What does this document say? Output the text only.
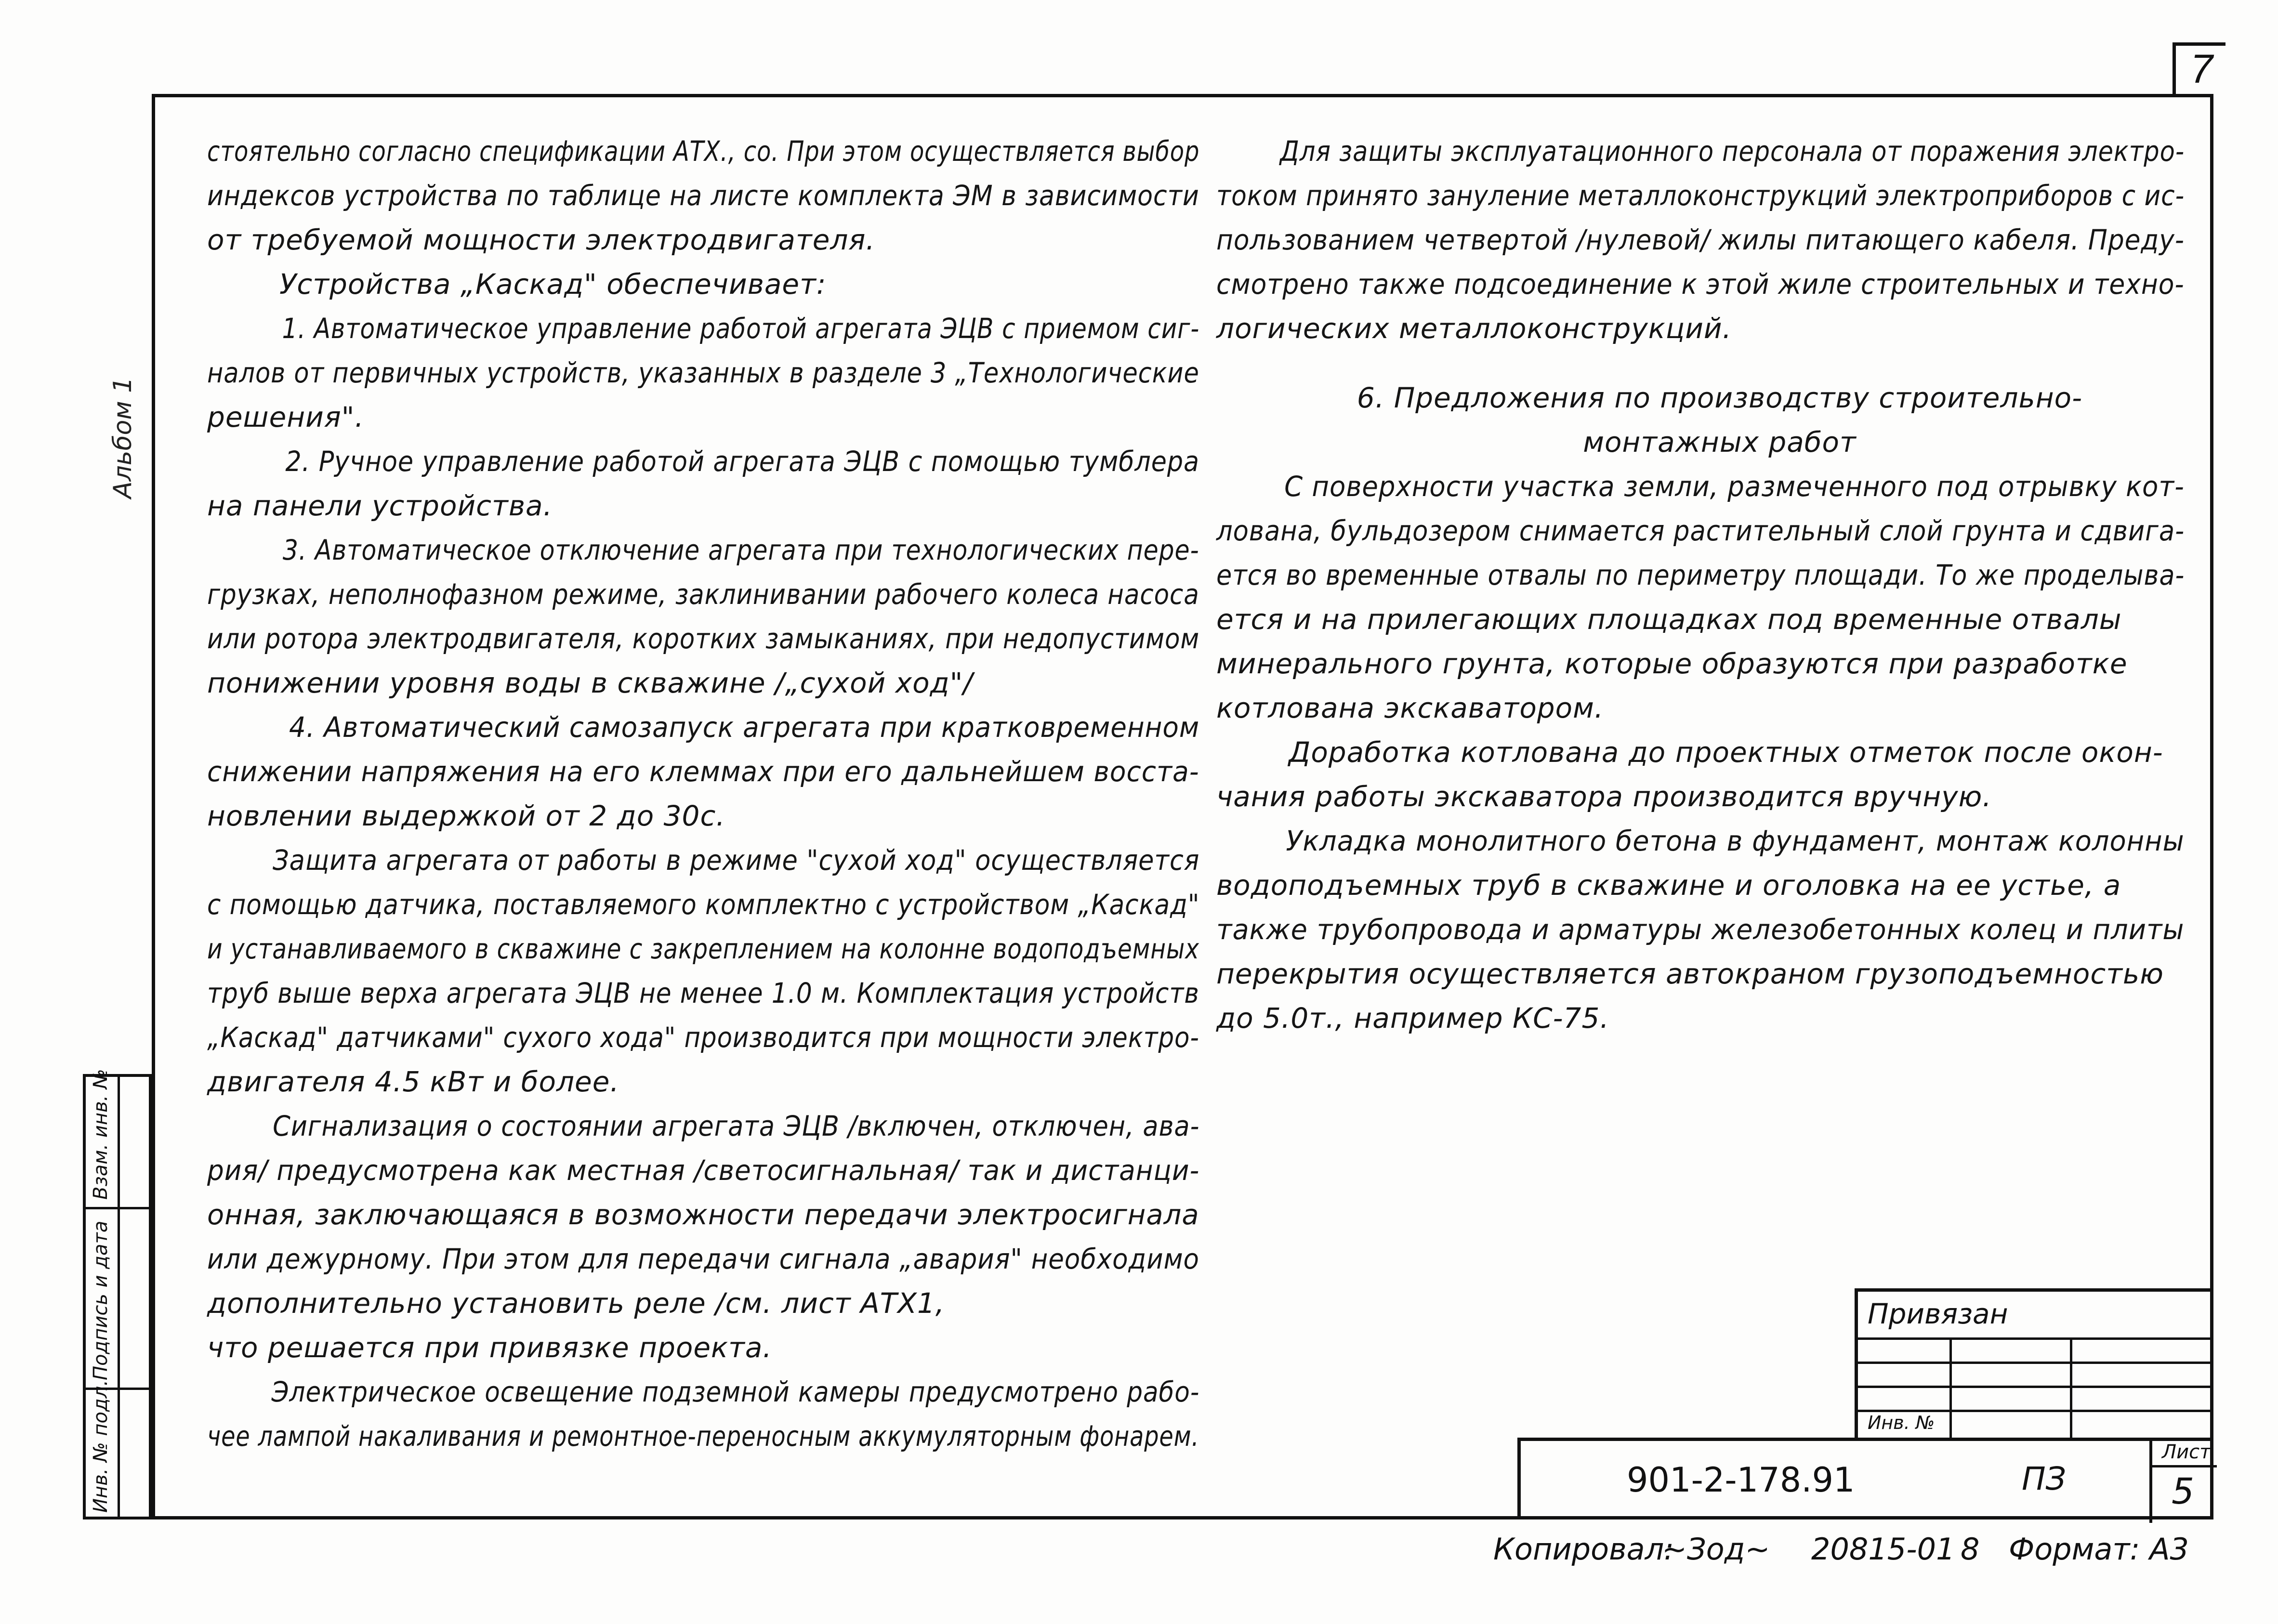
7
Альбом 1

стоятельно согласно спецификации АТХ., со. При этом осуществляется выбор

индексов устройства по таблице на листе комплекта ЭМ в зависимости

от требуемой мощности электродвигателя.

Устройства „Каскад" обеспечивает:

1. Автоматическое управление работой агрегата ЭЦВ с приемом сиг-

налов от первичных устройств, указанных в разделе 3 „Технологические

решения".

2. Ручное управление работой агрегата ЭЦВ с помощью тумблера

на панели устройства.

3. Автоматическое отключение агрегата при технологических пере-

грузках, неполнофазном режиме, заклинивании рабочего колеса насоса

или ротора электродвигателя, коротких замыканиях, при недопустимом

понижении уровня воды в скважине /„сухой ход"/

4. Автоматический самозапуск агрегата при кратковременном

снижении напряжения на его клеммах при его дальнейшем восста-

новлении выдержкой от 2 до 30с.

Защита агрегата от работы в режиме "сухой ход" осуществляется

с помощью датчика, поставляемого комплектно с устройством „Каскад"

и устанавливаемого в скважине с закреплением на колонне водоподъемных

труб выше верха агрегата ЭЦВ не менее 1.0 м. Комплектация устройств

„Каскад" датчиками" сухого хода" производится при мощности электро-

двигателя 4.5 кВт и более.

Сигнализация о состоянии агрегата ЭЦВ /включен, отключен, ава-

рия/ предусмотрена как местная /светосигнальная/ так и дистанци-

онная, заключающаяся в возможности передачи электросигнала

или дежурному. При этом для передачи сигнала „авария" необходимо

дополнительно установить реле /см. лист АТХ1,

что решается при привязке проекта.

Электрическое освещение подземной камеры предусмотрено рабо-

чее лампой накаливания и ремонтное-переносным аккумуляторным фонарем.

Для защиты эксплуатационного персонала от поражения электро-

током принято зануление металлоконструкций электроприборов с ис-

пользованием четвертой /нулевой/ жилы питающего кабеля. Преду-

смотрено также подсоединение к этой жиле строительных и техно-

логических металлоконструкций.

6. Предложения по производству строительно-

монтажных работ

С поверхности участка земли, размеченного под отрывку кот-

лована, бульдозером снимается растительный слой грунта и сдвига-

ется во временные отвалы по периметру площади. То же проделыва-

ется и на прилегающих площадках под временные отвалы

минерального грунта, которые образуются при разработке

котлована экскаватором.

Доработка котлована до проектных отметок после окон-

чания работы экскаватора производится вручную.

Укладка монолитного бетона в фундамент, монтаж колонны

водоподъемных труб в скважине и оголовка на ее устье, а

также трубопровода и арматуры железобетонных колец и плиты

перекрытия осуществляется автокраном грузоподъемностью

до 5.0т., например КС-75.

Инв. № подл.
Подпись и дата
Взам. инв. №
Привязан
Инв. №
901-2-178.91	ПЗ
Лист
5
Копировал:
~Зод~ 20815-01 8 Формат: А3
